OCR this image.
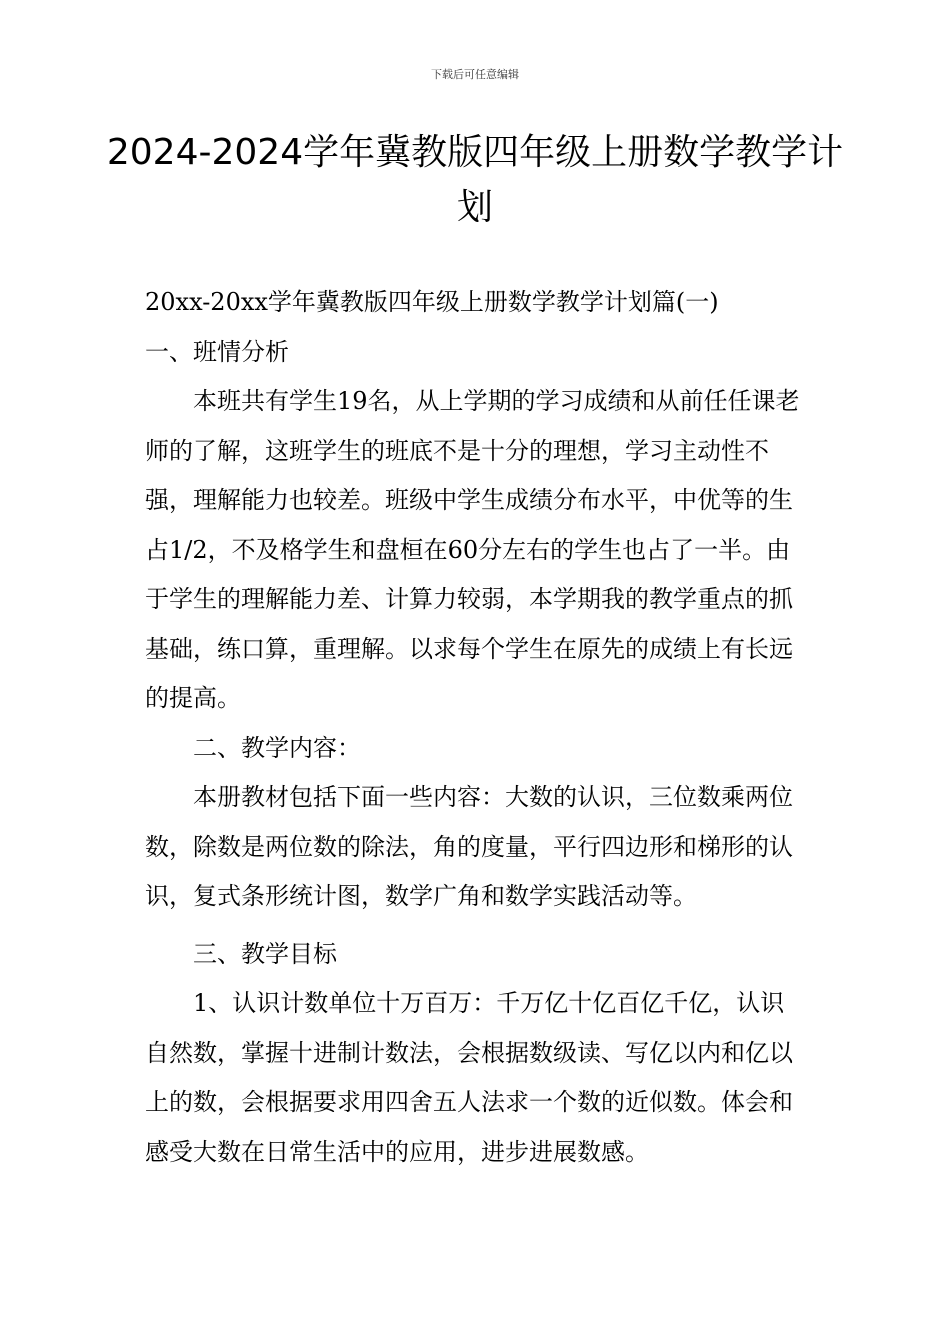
下载后可任意编辑
2024-2024学年冀教版四年级上册数学教学计划

20xx-20xx学年冀教版四年级上册数学教学计划篇(一)

一、班情分析

本班共有学生19名，从上学期的学习成绩和从前任任课老师的了解，这班学生的班底不是十分的理想，学习主动性不强，理解能力也较差。班级中学生成绩分布水平，中优等的生占1/2，不及格学生和盘桓在60分左右的学生也占了一半。由于学生的理解能力差、计算力较弱，本学期我的教学重点的抓基础，练口算，重理解。以求每个学生在原先的成绩上有长远的提高。

二、教学内容：

本册教材包括下面一些内容：大数的认识，三位数乘两位数，除数是两位数的除法，角的度量，平行四边形和梯形的认识，复式条形统计图，数学广角和数学实践活动等。

三、教学目标

1、认识计数单位十万百万：千万亿十亿百亿千亿，认识自然数，掌握十进制计数法，会根据数级读、写亿以内和亿以上的数，会根据要求用四舍五人法求一个数的近似数。体会和感受大数在日常生活中的应用，进步进展数感。
